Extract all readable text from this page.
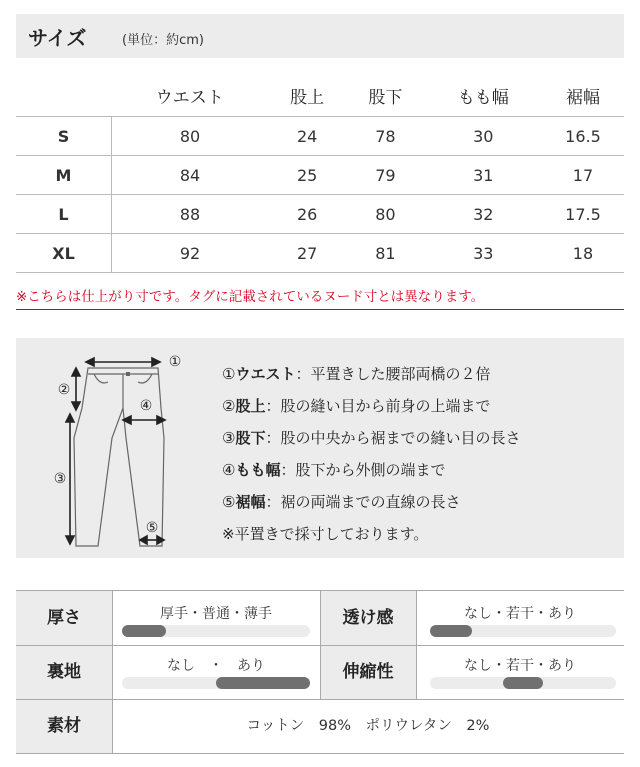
サイズ	(単位：約cm)
	ウエスト	股上	股下	もも幅	裾幅
S	80	24	78	30	16.5
M	84	25	79	31	17
L	88	26	80	32	17.5
XL	92	27	81	33	18
※こちらは仕上がり寸です。タグに記載されているヌード寸とは異なります。
①
②
④
③
⑤
①ウエスト：平置きした腰部両橋の２倍
②股上：股の縫い目から前身の上端まで
③股下：股の中央から裾までの縫い目の長さ
④もも幅：股下から外側の端まで
⑤裾幅：裾の両端までの直線の長さ
※平置きで採寸しております。
厚さ	厚手・普通・薄手	透け感	なし・若干・あり
裏地	なし　・　あり	伸縮性	なし・若干・あり
素材	コットン　98%　ポリウレタン　2%
